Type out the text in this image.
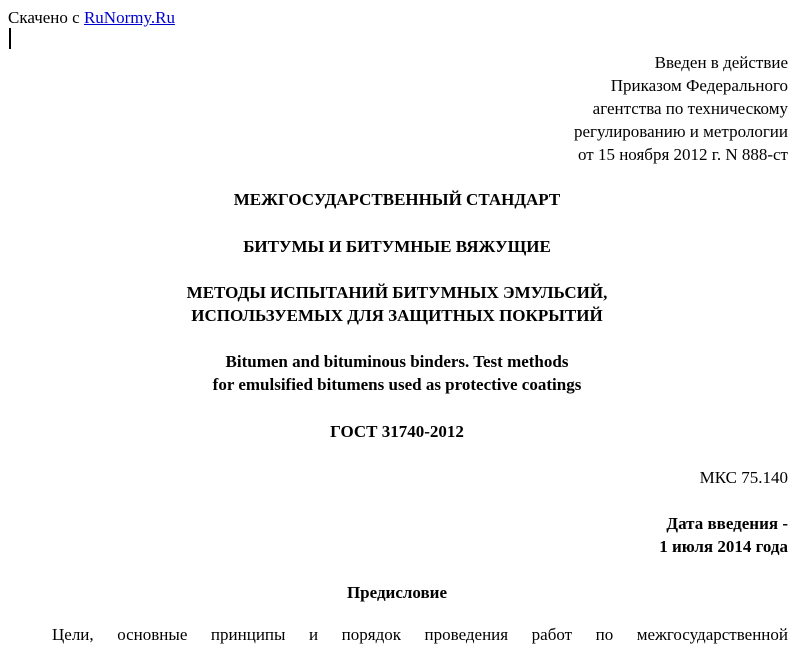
Скачено с RuNormy.Ru
Введен в действие
Приказом Федерального
агентства по техническому
регулированию и метрологии
от 15 ноября 2012 г. N 888-ст
МЕЖГОСУДАРСТВЕННЫЙ СТАНДАРТ
БИТУМЫ И БИТУМНЫЕ ВЯЖУЩИЕ
МЕТОДЫ ИСПЫТАНИЙ БИТУМНЫХ ЭМУЛЬСИЙ,
ИСПОЛЬЗУЕМЫХ ДЛЯ ЗАЩИТНЫХ ПОКРЫТИЙ
Bitumen and bituminous binders. Test methods
for emulsified bitumens used as protective coatings
ГОСТ 31740-2012
МКС 75.140
Дата введения -
1 июля 2014 года
Предисловие
Цели, основные принципы и порядок проведения работ по межгосударственной
